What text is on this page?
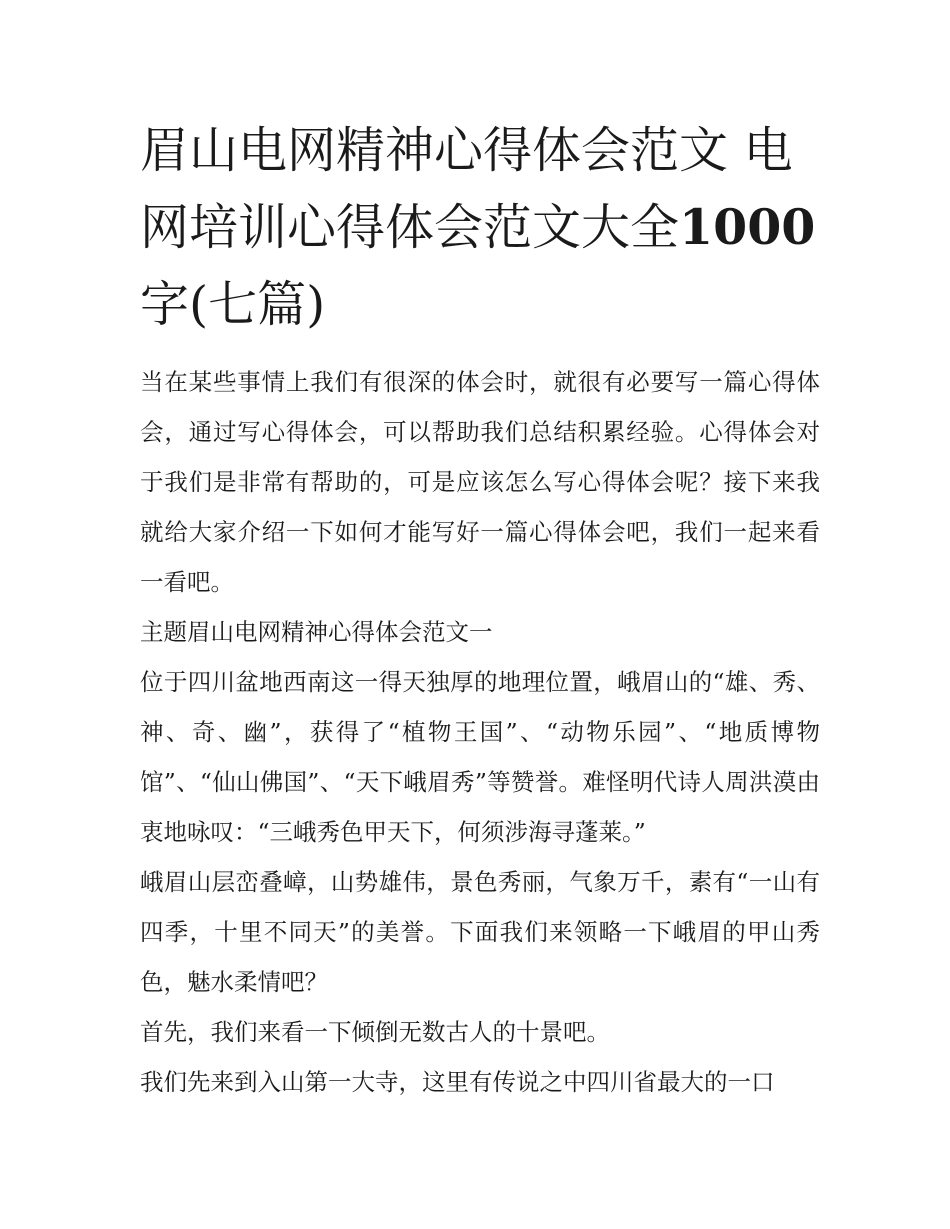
眉山电网精神心得体会范文 电网培训心得体会范文大全1000字(七篇)

当在某些事情上我们有很深的体会时，就很有必要写一篇心得体会，通过写心得体会，可以帮助我们总结积累经验。心得体会对于我们是非常有帮助的，可是应该怎么写心得体会呢？接下来我就给大家介绍一下如何才能写好一篇心得体会吧，我们一起来看一看吧。

主题眉山电网精神心得体会范文一

位于四川盆地西南这一得天独厚的地理位置，峨眉山的“雄、秀、神、奇、幽”，获得了“植物王国”、“动物乐园”、“地质博物馆”、“仙山佛国”、“天下峨眉秀”等赞誉。难怪明代诗人周洪漠由衷地咏叹：“三峨秀色甲天下，何须涉海寻蓬莱。”

峨眉山层峦叠嶂，山势雄伟，景色秀丽，气象万千，素有“一山有四季，十里不同天”的美誉。下面我们来领略一下峨眉的甲山秀色，魅水柔情吧？

首先，我们来看一下倾倒无数古人的十景吧。

我们先来到入山第一大寺，这里有传说之中四川省最大的一口
